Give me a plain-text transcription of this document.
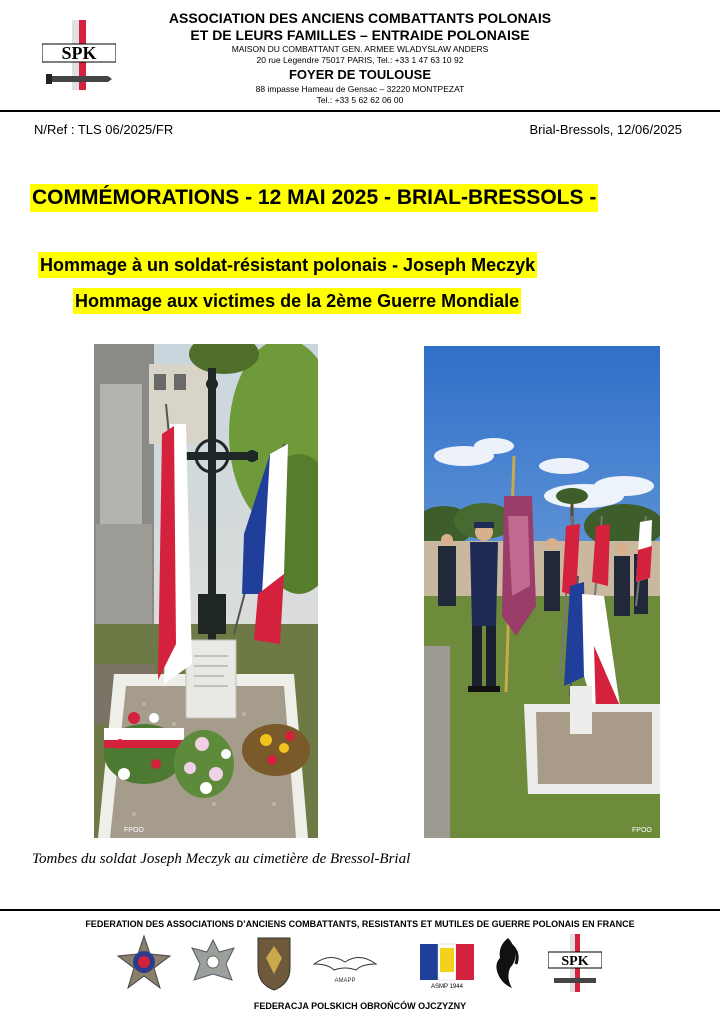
SPK
ASSOCIATION DES ANCIENS COMBATTANTS POLONAIS
ET DE LEURS FAMILLES – ENTRAIDE POLONAISE
MAISON DU COMBATTANT GEN. ARMEE WLADYSLAW ANDERS
20 rue Legendre 75017 PARIS, Tel.: +33 1 47 63 10 92
FOYER DE TOULOUSE
88 impasse Hameau de Gensac – 32220 MONTPEZAT
Tel.: +33 5 62 62 06 00
N/Ref : TLS 06/2025/FR	Brial-Bressols, 12/06/2025
COMMÉMORATIONS - 12 MAI 2025 - BRIAL-BRESSOLS -
Hommage à un soldat-résistant polonais - Joseph Meczyk
Hommage aux victimes de la 2ème Guerre Mondiale
FPOO	FPOO
Tombes du soldat Joseph Meczyk au cimetière de Bressol-Brial
FEDERATION DES ASSOCIATIONS D’ANCIENS COMBATTANTS, RESISTANTS ET MUTILES DE GUERRE POLONAIS EN FRANCE
AMAPP
ASMP 1944
SPK
FEDERACJA POLSKICH OBROŃCÓW OJCZYZNY
